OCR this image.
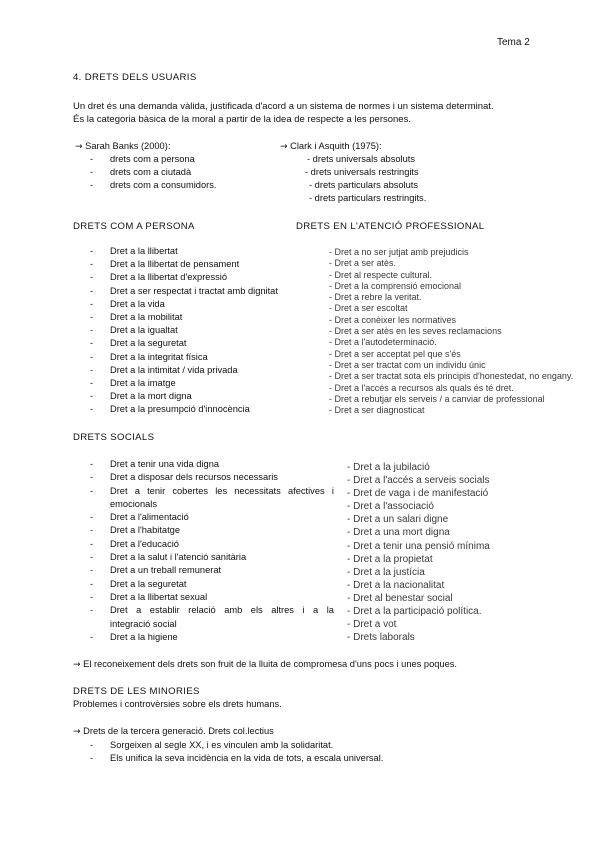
Tema 2
4. DRETS DELS USUARIS
Un dret és una demanda vàlida, justificada d'acord a un sistema de normes i un sistema determinat.
És la categoria bàsica de la moral a partir de la idea de respecte a les persones.
→ Sarah Banks (2000):
- drets com a persona
- drets com a ciutadà
- drets com a consumidors.
→ Clark i Asquith (1975):
- drets universals absoluts
- drets universals restringits
- drets particulars absoluts
- drets particulars restringits.
DRETS COM A PERSONA
- Dret a la llibertat
- Dret a la llibertat de pensament
- Dret a la llibertat d'expressió
- Dret a ser respectat i tractat amb dignitat
- Dret a la vida
- Dret a la mobilitat
- Dret a la igualtat
- Dret a la seguretat
- Dret a la integritat física
- Dret a la intimitat / vida privada
- Dret a la imatge
- Dret a la mort digna
- Dret a la presumpció d'innocència
DRETS EN L'ATENCIÓ PROFESSIONAL
- Dret a no ser jutjat amb prejudicis
- Dret a ser atès.
- Dret al respecte cultural.
- Dret a la comprensió emocional
- Dret a rebre la veritat.
- Dret a ser escoltat
- Dret a conèixer les normatives
- Dret a ser atès en les seves reclamacions
- Dret a l'autodeterminació.
- Dret a ser acceptat pel que s'és
- Dret a ser tractat com un individu únic
- Dret a ser tractat sota els principis d'honestedat, no engany.
- Dret a l'accés a recursos als quals és té dret.
- Dret a rebutjar els serveis / a canviar de professional
- Dret a ser diagnosticat
DRETS SOCIALS
- Dret a tenir una vida digna
- Dret a disposar dels recursos necessaris
- Dret a tenir cobertes les necessitats afectives i
emocionals
- Dret a l'alimentació
- Dret a l'habitatge
- Dret a l'educació
- Dret a la salut i l'atenció sanitària
- Dret a un treball remunerat
- Dret a la seguretat
- Dret a la llibertat sexual
- Dret a establir relació amb els altres i a la
integració social
- Dret a la higiene
- Dret a la jubilació
- Dret a l'accés a serveis socials
- Dret de vaga i de manifestació
- Dret a l'associació
- Dret a un salari digne
- Dret a una mort digna
- Dret a tenir una pensió mínima
- Dret a la propietat
- Dret a la justícia
- Dret a la nacionalitat
- Dret al benestar social
- Dret a la participació política.
- Dret a vot
- Drets laborals
→ El reconeixement dels drets son fruit de la lluita de compromesa d'uns pocs i unes poques.
DRETS DE LES MINORIES
Problemes i controvèrsies sobre els drets humans.
→ Drets de la tercera generació. Drets col.lectius
- Sorgeixen al segle XX, i es vinculen amb la solidaritat.
- Els unifica la seva incidència en la vida de tots, a escala universal.
